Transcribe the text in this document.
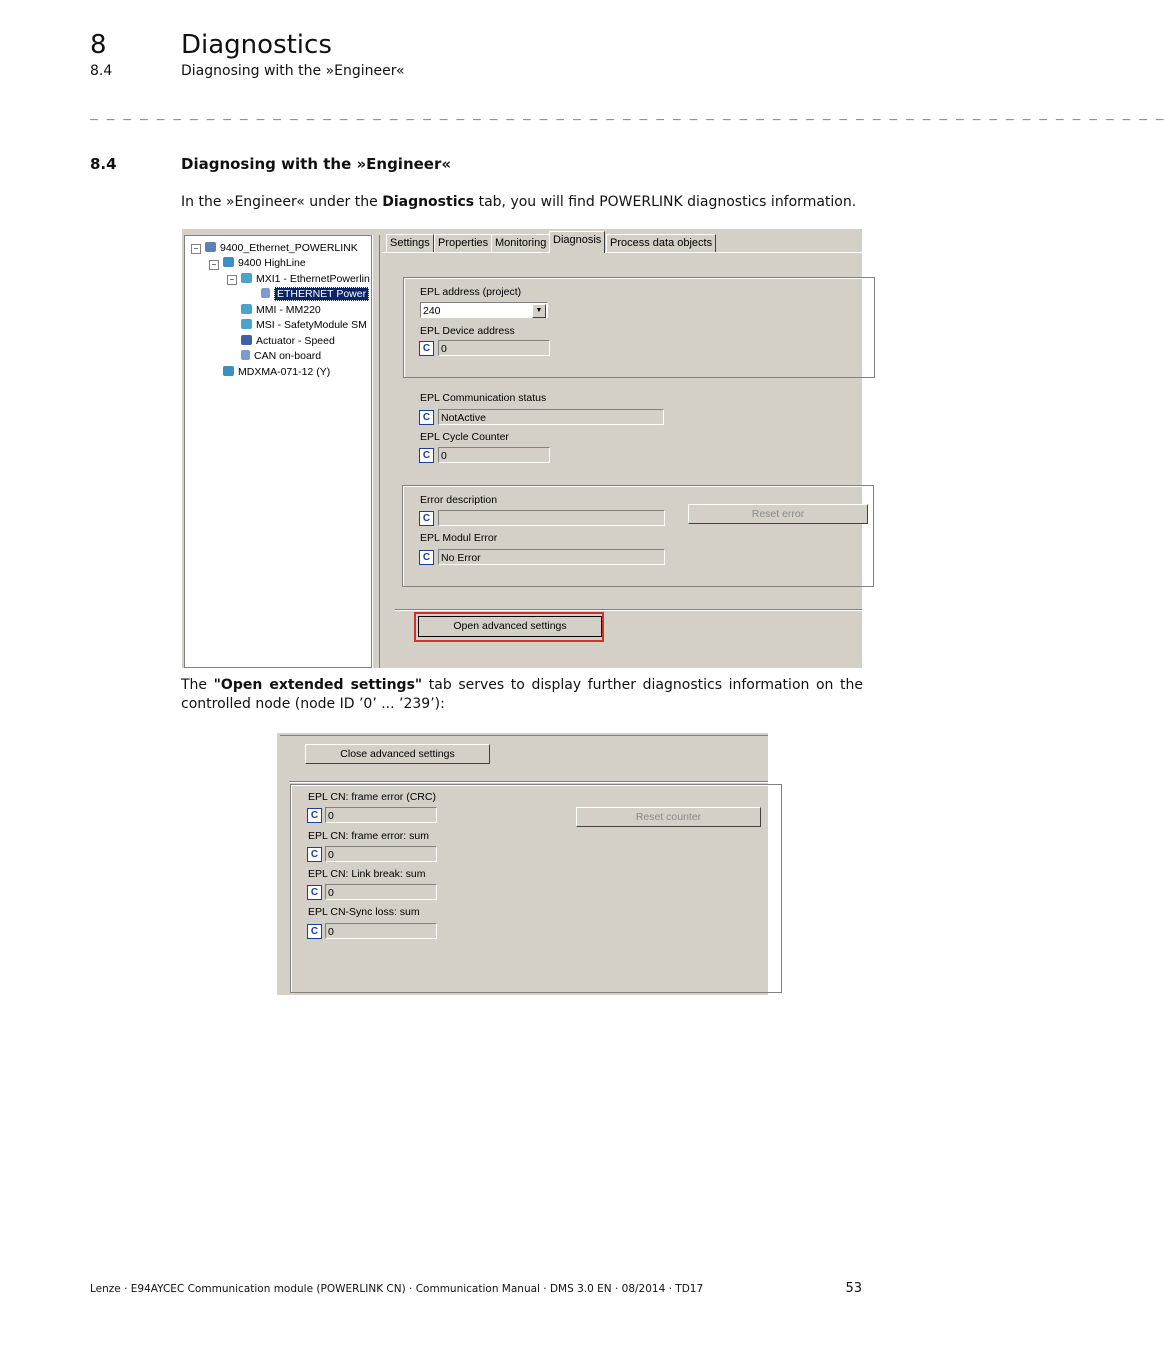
8	Diagnostics
8.4	Diagnosing with the »Engineer«
_ _ _ _ _ _ _ _ _ _ _ _ _ _ _ _ _ _ _ _ _ _ _ _ _ _ _ _ _ _ _ _ _ _ _ _ _ _ _ _ _ _ _ _ _ _ _ _ _ _ _ _ _ _ _ _ _ _ _ _ _ _ _ _ _
8.4	Diagnosing with the »Engineer«
In the »Engineer« under the Diagnostics tab, you will find POWERLINK diagnostics information.
−	9400_Ethernet_POWERLINK
−	9400 HighLine
−	MXI1 - EthernetPowerlin
ETHERNET Power
MMI - MM220
MSI - SafetyModule SM
Actuator - Speed
CAN on-board
MDXMA-071-12 (Y)
Settings Properties Monitoring Diagnosis Process data objects
EPL address (project)
240	▼
EPL Device address
C	0
EPL Communication status
C	NotActive
EPL Cycle Counter
C	0
Error description
C	Reset error
EPL Modul Error
C	No Error
Open advanced settings
The "Open extended settings" tab serves to display further diagnostics information on the controlled node (node ID ’0’ ... ’239’):
Close advanced settings
EPL CN: frame error (CRC)
C 0	Reset counter
EPL CN: frame error: sum
C 0
EPL CN: Link break: sum
C 0
EPL CN-Sync loss: sum
C 0
Lenze · E94AYCEC Communication module (POWERLINK CN) · Communication Manual · DMS 3.0 EN · 08/2014 · TD17	53
